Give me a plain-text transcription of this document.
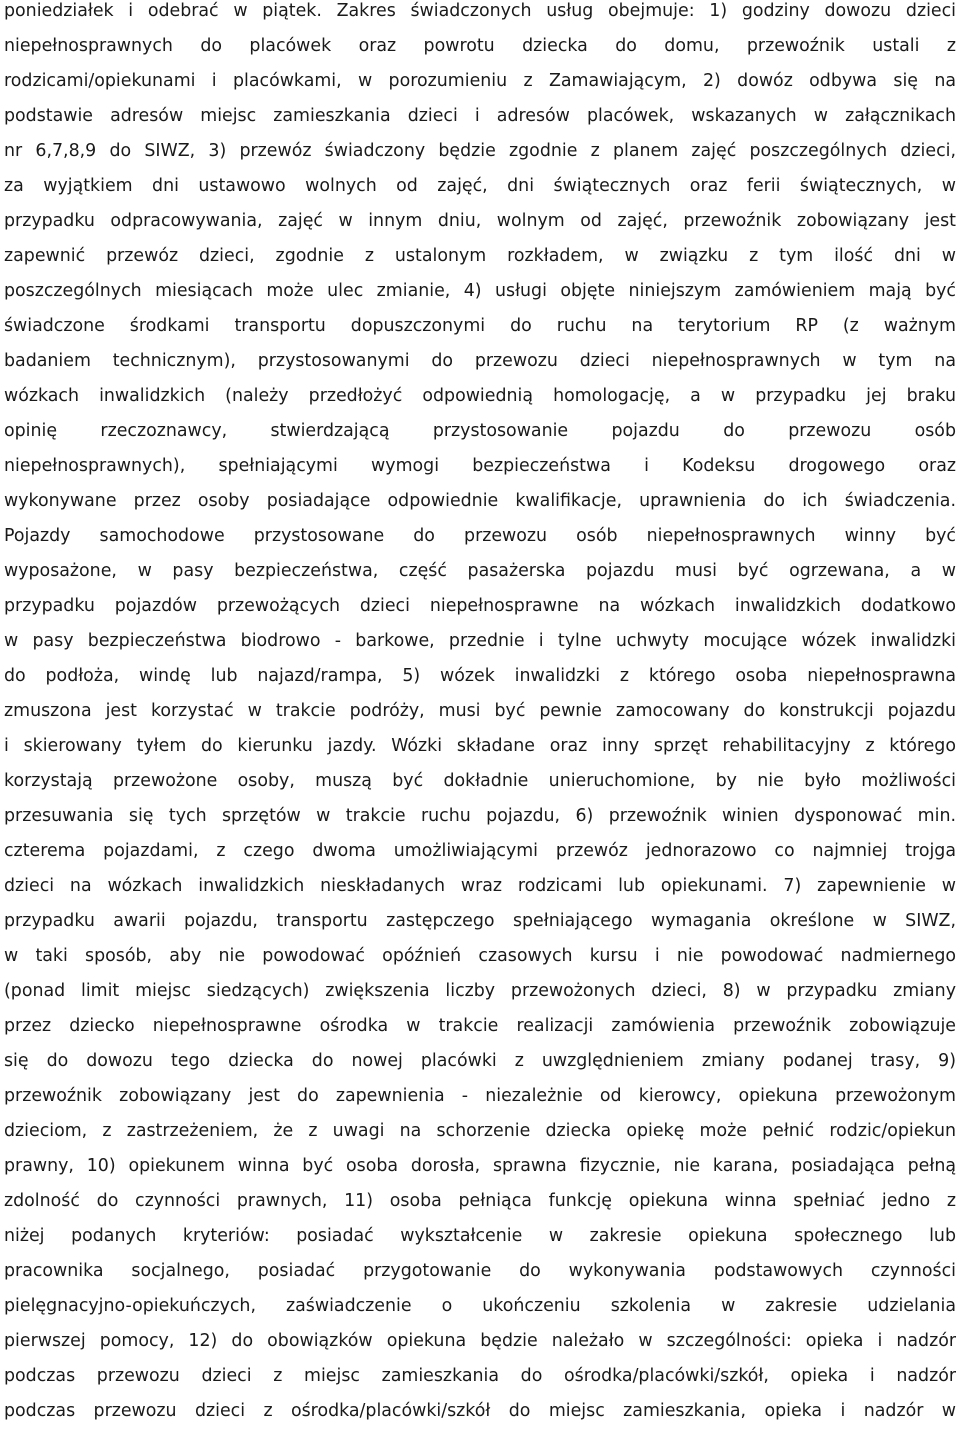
poniedziałek i odebrać w piątek. Zakres świadczonych usług obejmuje: 1) godziny dowozu dzieci
niepełnosprawnych do placówek oraz powrotu dziecka do domu, przewoźnik ustali z
rodzicami/opiekunami i placówkami, w porozumieniu z Zamawiającym, 2) dowóz odbywa się na
podstawie adresów miejsc zamieszkania dzieci i adresów placówek, wskazanych w załącznikach
nr 6,7,8,9 do SIWZ, 3) przewóz świadczony będzie zgodnie z planem zajęć poszczególnych dzieci,
za wyjątkiem dni ustawowo wolnych od zajęć, dni świątecznych oraz ferii świątecznych, w
przypadku odpracowywania, zajęć w innym dniu, wolnym od zajęć, przewoźnik zobowiązany jest
zapewnić przewóz dzieci, zgodnie z ustalonym rozkładem, w związku z tym ilość dni w
poszczególnych miesiącach może ulec zmianie, 4) usługi objęte niniejszym zamówieniem mają być
świadczone środkami transportu dopuszczonymi do ruchu na terytorium RP (z ważnym
badaniem technicznym), przystosowanymi do przewozu dzieci niepełnosprawnych w tym na
wózkach inwalidzkich (należy przedłożyć odpowiednią homologację, a w przypadku jej braku
opinię rzeczoznawcy, stwierdzającą przystosowanie pojazdu do przewozu osób
niepełnosprawnych), spełniającymi wymogi bezpieczeństwa i Kodeksu drogowego oraz
wykonywane przez osoby posiadające odpowiednie kwalifikacje, uprawnienia do ich świadczenia.
Pojazdy samochodowe przystosowane do przewozu osób niepełnosprawnych winny być
wyposażone, w pasy bezpieczeństwa, część pasażerska pojazdu musi być ogrzewana, a w
przypadku pojazdów przewożących dzieci niepełnosprawne na wózkach inwalidzkich dodatkowo
w pasy bezpieczeństwa biodrowo - barkowe, przednie i tylne uchwyty mocujące wózek inwalidzki
do podłoża, windę lub najazd/rampa, 5) wózek inwalidzki z którego osoba niepełnosprawna
zmuszona jest korzystać w trakcie podróży, musi być pewnie zamocowany do konstrukcji pojazdu
i skierowany tyłem do kierunku jazdy. Wózki składane oraz inny sprzęt rehabilitacyjny z którego
korzystają przewożone osoby, muszą być dokładnie unieruchomione, by nie było możliwości
przesuwania się tych sprzętów w trakcie ruchu pojazdu, 6) przewoźnik winien dysponować min.
czterema pojazdami, z czego dwoma umożliwiającymi przewóz jednorazowo co najmniej trojga
dzieci na wózkach inwalidzkich nieskładanych wraz rodzicami lub opiekunami. 7) zapewnienie w
przypadku awarii pojazdu, transportu zastępczego spełniającego wymagania określone w SIWZ,
w taki sposób, aby nie powodować opóźnień czasowych kursu i nie powodować nadmiernego
(ponad limit miejsc siedzących) zwiększenia liczby przewożonych dzieci, 8) w przypadku zmiany
przez dziecko niepełnosprawne ośrodka w trakcie realizacji zamówienia przewoźnik zobowiązuje
się do dowozu tego dziecka do nowej placówki z uwzględnieniem zmiany podanej trasy, 9)
przewoźnik zobowiązany jest do zapewnienia - niezależnie od kierowcy, opiekuna przewożonym
dzieciom, z zastrzeżeniem, że z uwagi na schorzenie dziecka opiekę może pełnić rodzic/opiekun
prawny, 10) opiekunem winna być osoba dorosła, sprawna fizycznie, nie karana, posiadająca pełną
zdolność do czynności prawnych, 11) osoba pełniąca funkcję opiekuna winna spełniać jedno z
niżej podanych kryteriów: posiadać wykształcenie w zakresie opiekuna społecznego lub
pracownika socjalnego, posiadać przygotowanie do wykonywania podstawowych czynności
pielęgnacyjno-opiekuńczych, zaświadczenie o ukończeniu szkolenia w zakresie udzielania
pierwszej pomocy, 12) do obowiązków opiekuna będzie należało w szczególności: opieka i nadzór
podczas przewozu dzieci z miejsc zamieszkania do ośrodka/placówki/szkół, opieka i nadzór
podczas przewozu dzieci z ośrodka/placówki/szkół do miejsc zamieszkania, opieka i nadzór w
